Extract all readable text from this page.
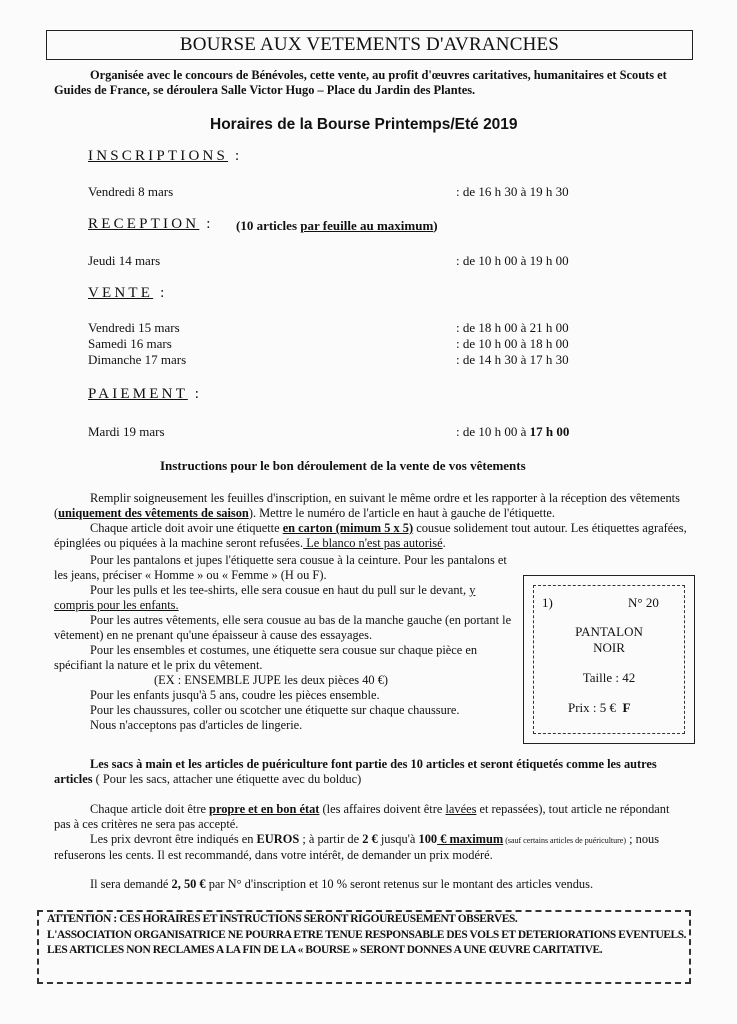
BOURSE AUX VETEMENTS D'AVRANCHES

Organisée avec le concours de Bénévoles, cette vente, au profit d'œuvres caritatives, humanitaires et Scouts et Guides de France, se déroulera Salle Victor Hugo – Place du Jardin des Plantes.

Horaires de la Bourse Printemps/Eté 2019
INSCRIPTIONS :
Vendredi 8 mars	: de 16 h 30 à 19 h 30
RECEPTION : (10 articles par feuille au maximum)
Jeudi 14 mars	: de 10 h 00 à 19 h 00
VENTE :
Vendredi 15 mars	: de 18 h 00 à 21 h 00
Samedi 16 mars	: de 10 h 00 à 18 h 00
Dimanche 17 mars	: de 14 h 30 à 17 h 30
PAIEMENT :
Mardi 19 mars	: de 10 h 00 à 17 h 00
Instructions pour le bon déroulement de la vente de vos vêtements

Remplir soigneusement les feuilles d'inscription, en suivant le même ordre et les rapporter à la réception des vêtements (uniquement des vêtements de saison). Mettre le numéro de l'article en haut à gauche de l'étiquette.

Chaque article doit avoir une étiquette en carton (mimum 5 x 5) cousue solidement tout autour. Les étiquettes agrafées, épinglées ou piquées à la machine seront refusées. Le blanco n'est pas autorisé.

Pour les pantalons et jupes l'étiquette sera cousue à la ceinture. Pour les pantalons et les jeans, préciser « Homme » ou « Femme » (H ou F).

Pour les pulls et les tee-shirts, elle sera cousue en haut du pull sur le devant, y compris pour les enfants.

Pour les autres vêtements, elle sera cousue au bas de la manche gauche (en portant le vêtement) en ne prenant qu'une épaisseur à cause des essayages.

Pour les ensembles et costumes, une étiquette sera cousue sur chaque pièce en spécifiant la nature et le prix du vêtement.

(EX : ENSEMBLE JUPE les deux pièces 40 €)

Pour les enfants jusqu'à 5 ans, coudre les pièces ensemble.

Pour les chaussures, coller ou scotcher une étiquette sur chaque chaussure.

Nous n'acceptons pas d'articles de lingerie.

1)	N° 20
PANTALON
NOIR
Taille : 42
Prix : 5 € F

Les sacs à main et les articles de puériculture font partie des 10 articles et seront étiquetés comme les autres articles ( Pour les sacs, attacher une étiquette avec du bolduc)

Chaque article doit être propre et en bon état (les affaires doivent être lavées et repassées), tout article ne répondant pas à ces critères ne sera pas accepté.

Les prix devront être indiqués en EUROS ; à partir de 2 € jusqu'à 100 € maximum (sauf certains articles de puériculture) ; nous refuserons les cents. Il est recommandé, dans votre intérêt, de demander un prix modéré.

Il sera demandé 2, 50 € par N° d'inscription et 10 % seront retenus sur le montant des articles vendus.

ATTENTION : CES HORAIRES ET INSTRUCTIONS SERONT RIGOUREUSEMENT OBSERVES.

L'ASSOCIATION ORGANISATRICE NE POURRA ETRE TENUE RESPONSABLE DES VOLS ET DETERIORATIONS EVENTUELS.

LES ARTICLES NON RECLAMES A LA FIN DE LA « BOURSE » SERONT DONNES A UNE ŒUVRE CARITATIVE.
